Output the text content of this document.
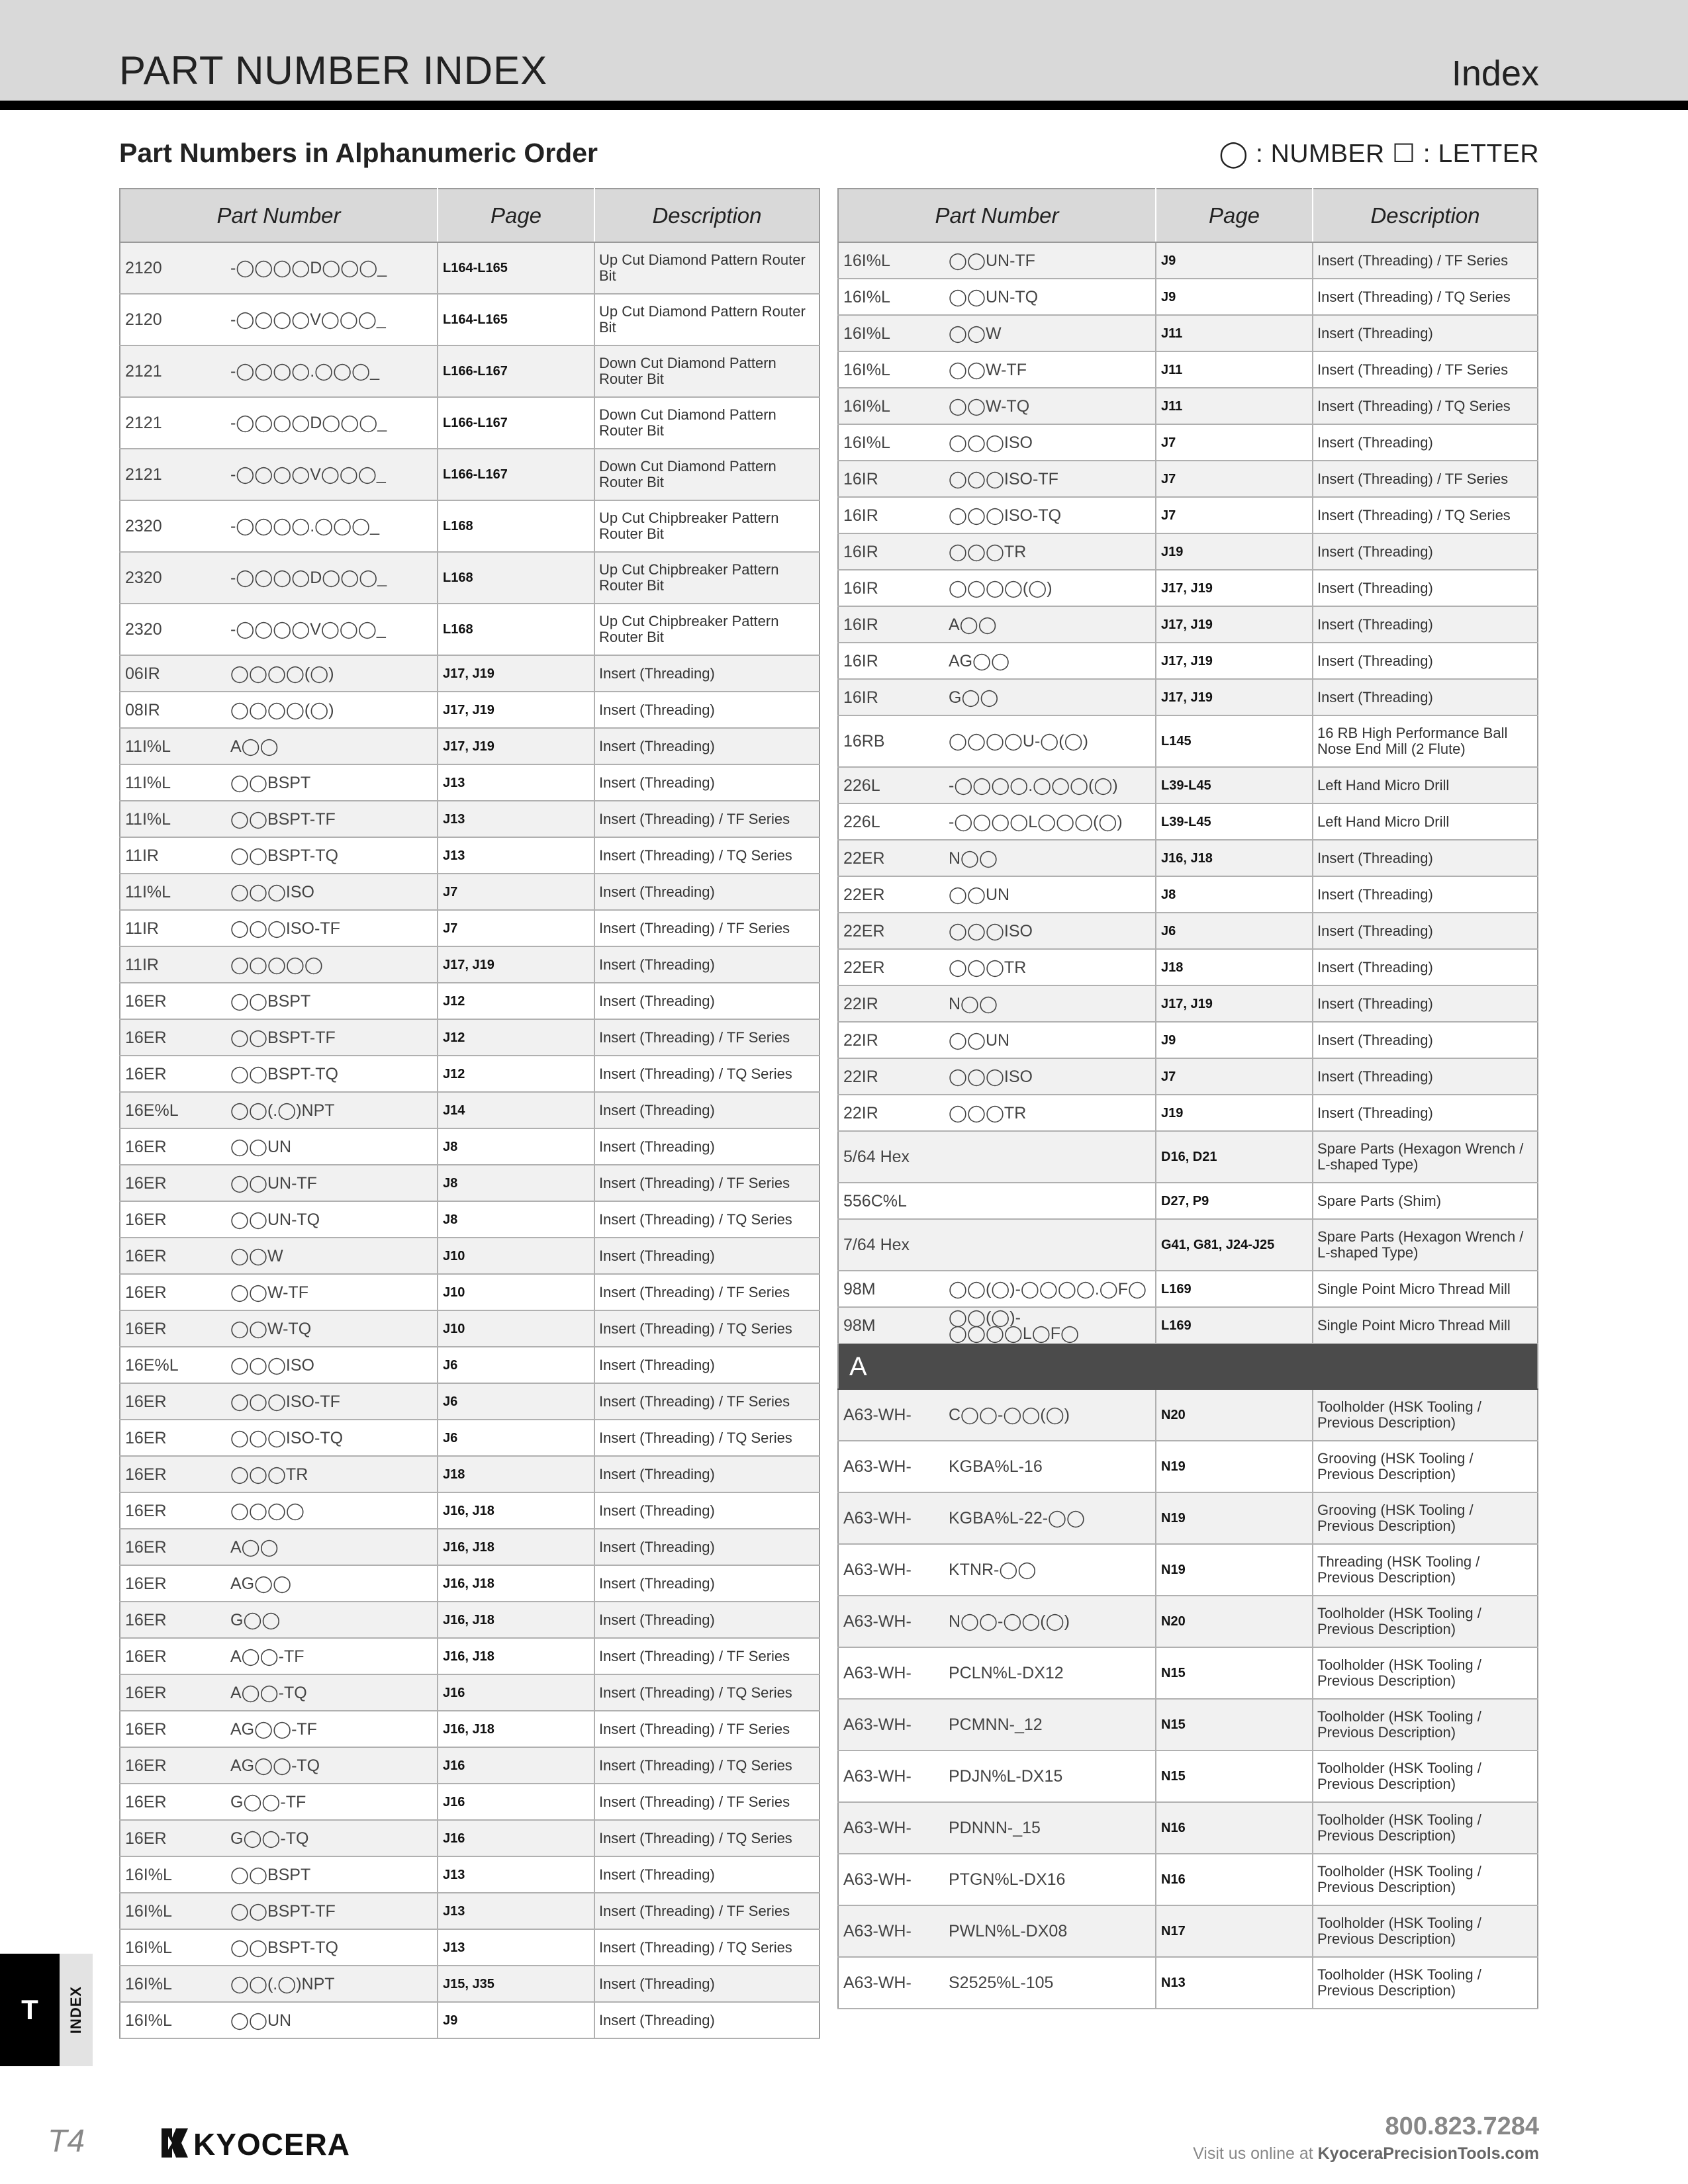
PART NUMBER INDEX	Index
Part Numbers in Alphanumeric Order	◯ : NUMBER ☐ : LETTER
Part Number		Page	Description
2120	-◯◯◯◯D◯◯◯_	L164-L165	Up Cut Diamond Pattern Router Bit
2120	-◯◯◯◯V◯◯◯_	L164-L165	Up Cut Diamond Pattern Router Bit
2121	-◯◯◯◯.◯◯◯_	L166-L167	Down Cut Diamond Pattern Router Bit
2121	-◯◯◯◯D◯◯◯_	L166-L167	Down Cut Diamond Pattern Router Bit
2121	-◯◯◯◯V◯◯◯_	L166-L167	Down Cut Diamond Pattern Router Bit
2320	-◯◯◯◯.◯◯◯_	L168	Up Cut Chipbreaker Pattern Router Bit
2320	-◯◯◯◯D◯◯◯_	L168	Up Cut Chipbreaker Pattern Router Bit
2320	-◯◯◯◯V◯◯◯_	L168	Up Cut Chipbreaker Pattern Router Bit
06IR	◯◯◯◯(◯)	J17, J19	Insert (Threading)
08IR	◯◯◯◯(◯)	J17, J19	Insert (Threading)
11I%L	A◯◯	J17, J19	Insert (Threading)
11I%L	◯◯BSPT	J13	Insert (Threading)
11I%L	◯◯BSPT-TF	J13	Insert (Threading) / TF Series
11IR	◯◯BSPT-TQ	J13	Insert (Threading) / TQ Series
11I%L	◯◯◯ISO	J7	Insert (Threading)
11IR	◯◯◯ISO-TF	J7	Insert (Threading) / TF Series
11IR	◯◯◯◯◯	J17, J19	Insert (Threading)
16ER	◯◯BSPT	J12	Insert (Threading)
16ER	◯◯BSPT-TF	J12	Insert (Threading) / TF Series
16ER	◯◯BSPT-TQ	J12	Insert (Threading) / TQ Series
16E%L	◯◯(.◯)NPT	J14	Insert (Threading)
16ER	◯◯UN	J8	Insert (Threading)
16ER	◯◯UN-TF	J8	Insert (Threading) / TF Series
16ER	◯◯UN-TQ	J8	Insert (Threading) / TQ Series
16ER	◯◯W	J10	Insert (Threading)
16ER	◯◯W-TF	J10	Insert (Threading) / TF Series
16ER	◯◯W-TQ	J10	Insert (Threading) / TQ Series
16E%L	◯◯◯ISO	J6	Insert (Threading)
16ER	◯◯◯ISO-TF	J6	Insert (Threading) / TF Series
16ER	◯◯◯ISO-TQ	J6	Insert (Threading) / TQ Series
16ER	◯◯◯TR	J18	Insert (Threading)
16ER	◯◯◯◯	J16, J18	Insert (Threading)
16ER	A◯◯	J16, J18	Insert (Threading)
16ER	AG◯◯	J16, J18	Insert (Threading)
16ER	G◯◯	J16, J18	Insert (Threading)
16ER	A◯◯-TF	J16, J18	Insert (Threading) / TF Series
16ER	A◯◯-TQ	J16	Insert (Threading) / TQ Series
16ER	AG◯◯-TF	J16, J18	Insert (Threading) / TF Series
16ER	AG◯◯-TQ	J16	Insert (Threading) / TQ Series
16ER	G◯◯-TF	J16	Insert (Threading) / TF Series
16ER	G◯◯-TQ	J16	Insert (Threading) / TQ Series
16I%L	◯◯BSPT	J13	Insert (Threading)
16I%L	◯◯BSPT-TF	J13	Insert (Threading) / TF Series
16I%L	◯◯BSPT-TQ	J13	Insert (Threading) / TQ Series
16I%L	◯◯(.◯)NPT	J15, J35	Insert (Threading)
16I%L	◯◯UN	J9	Insert (Threading)
Part Number		Page	Description
16I%L	◯◯UN-TF	J9	Insert (Threading) / TF Series
16I%L	◯◯UN-TQ	J9	Insert (Threading) / TQ Series
16I%L	◯◯W	J11	Insert (Threading)
16I%L	◯◯W-TF	J11	Insert (Threading) / TF Series
16I%L	◯◯W-TQ	J11	Insert (Threading) / TQ Series
16I%L	◯◯◯ISO	J7	Insert (Threading)
16IR	◯◯◯ISO-TF	J7	Insert (Threading) / TF Series
16IR	◯◯◯ISO-TQ	J7	Insert (Threading) / TQ Series
16IR	◯◯◯TR	J19	Insert (Threading)
16IR	◯◯◯◯(◯)	J17, J19	Insert (Threading)
16IR	A◯◯	J17, J19	Insert (Threading)
16IR	AG◯◯	J17, J19	Insert (Threading)
16IR	G◯◯	J17, J19	Insert (Threading)
16RB	◯◯◯◯U-◯(◯)	L145	16 RB High Performance Ball Nose End Mill (2 Flute)
226L	-◯◯◯◯.◯◯◯(◯)	L39-L45	Left Hand Micro Drill
226L	-◯◯◯◯L◯◯◯(◯)	L39-L45	Left Hand Micro Drill
22ER	N◯◯	J16, J18	Insert (Threading)
22ER	◯◯UN	J8	Insert (Threading)
22ER	◯◯◯ISO	J6	Insert (Threading)
22ER	◯◯◯TR	J18	Insert (Threading)
22IR	N◯◯	J17, J19	Insert (Threading)
22IR	◯◯UN	J9	Insert (Threading)
22IR	◯◯◯ISO	J7	Insert (Threading)
22IR	◯◯◯TR	J19	Insert (Threading)
5/64 Hex		D16, D21	Spare Parts (Hexagon Wrench / L-shaped Type)
556C%L		D27, P9	Spare Parts (Shim)
7/64 Hex		G41, G81, J24-J25	Spare Parts (Hexagon Wrench / L-shaped Type)
98M	◯◯(◯)-◯◯◯◯.◯F◯	L169	Single Point Micro Thread Mill
98M	◯◯(◯)-◯◯◯◯L◯F◯	L169	Single Point Micro Thread Mill
A			
A63-WH-	C◯◯-◯◯(◯)	N20	Toolholder (HSK Tooling / Previous Description)
A63-WH-	KGBA%L-16	N19	Grooving (HSK Tooling / Previous Description)
A63-WH-	KGBA%L-22-◯◯	N19	Grooving (HSK Tooling / Previous Description)
A63-WH-	KTNR-◯◯	N19	Threading (HSK Tooling / Previous Description)
A63-WH-	N◯◯-◯◯(◯)	N20	Toolholder (HSK Tooling / Previous Description)
A63-WH-	PCLN%L-DX12	N15	Toolholder (HSK Tooling / Previous Description)
A63-WH-	PCMNN-_12	N15	Toolholder (HSK Tooling / Previous Description)
A63-WH-	PDJN%L-DX15	N15	Toolholder (HSK Tooling / Previous Description)
A63-WH-	PDNNN-_15	N16	Toolholder (HSK Tooling / Previous Description)
A63-WH-	PTGN%L-DX16	N16	Toolholder (HSK Tooling / Previous Description)
A63-WH-	PWLN%L-DX08	N17	Toolholder (HSK Tooling / Previous Description)
A63-WH-	S2525%L-105	N13	Toolholder (HSK Tooling / Previous Description)
T	INDEX
T4	KYOCERA
800.823.7284
Visit us online at KyoceraPrecisionTools.com
